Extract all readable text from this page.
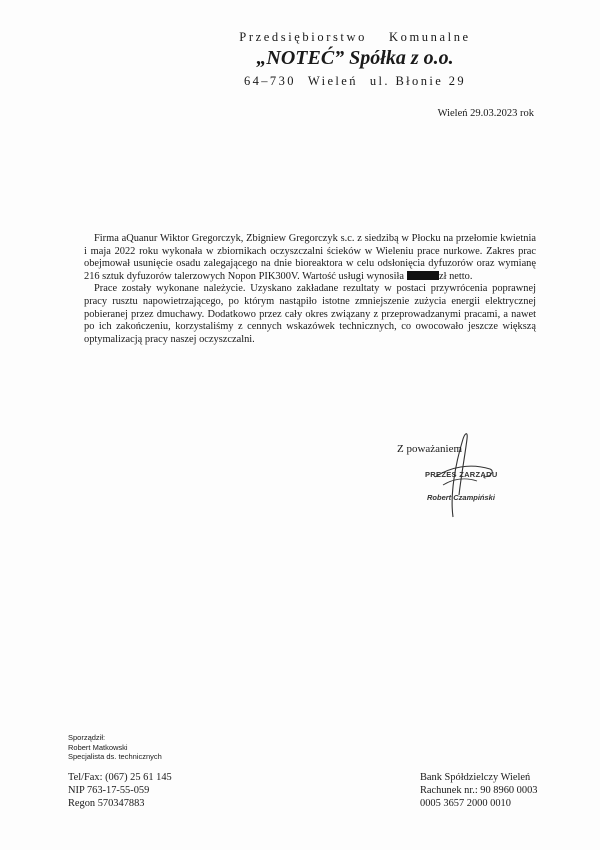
Przedsiębiorstwo Komunalne
„NOTEĆ” Spółka z o.o.
64–730 Wieleń ul. Błonie 29
Wieleń 29.03.2023 rok

Firma aQuanur Wiktor Gregorczyk, Zbigniew Gregorczyk s.c. z siedzibą w Płocku na przełomie kwietnia i maja 2022 roku wykonała w zbiornikach oczyszczalni ścieków w Wieleniu prace nurkowe. Zakres prac obejmował usunięcie osadu zalegającego na dnie bioreaktora w celu odsłonięcia dyfuzorów oraz wymianę 216 sztuk dyfuzorów talerzowych Nopon PIK300V. Wartość usługi wynosiła	zł netto.

Prace zostały wykonane należycie. Uzyskano zakładane rezultaty w postaci przywrócenia poprawnej pracy rusztu napowietrzającego, po którym nastąpiło istotne zmniejszenie zużycia energii elektrycznej pobieranej przez dmuchawy. Dodatkowo przez cały okres związany z przeprowadzanymi pracami, a nawet po ich zakończeniu, korzystaliśmy z cennych wskazówek technicznych, co owocowało jeszcze większą optymalizacją pracy naszej oczyszczalni.

Z poważaniem
PREZES ZARZĄDU
Robert Czampiński
Sporządził:
Robert Matkowski
Specjalista ds. technicznych
Tel/Fax: (067) 25 61 145
NIP 763-17-55-059
Regon 570347883
Bank Spółdzielczy Wieleń
Rachunek nr.: 90 8960 0003
0005 3657 2000 0010
